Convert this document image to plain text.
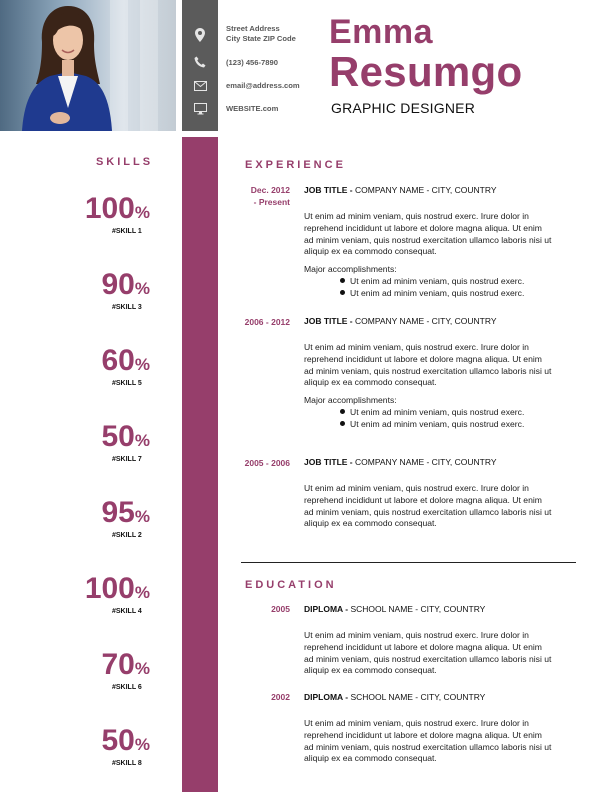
Street Address
City State ZIP Code
(123) 456-7890
email@address.com
WEBSITE.com
Emma
Resumgo
GRAPHIC DESIGNER
SKILLS
100%
#SKILL 1
90%
#SKILL 3
60%
#SKILL 5
50%
#SKILL 7
95%
#SKILL 2
100%
#SKILL 4
70%
#SKILL 6
50%
#SKILL 8
EXPERIENCE
Dec. 2012
- Present
JOB TITLE - COMPANY NAME - CITY, COUNTRY
Ut enim ad minim veniam, quis nostrud exerc. Irure dolor in
reprehend incididunt ut labore et dolore magna aliqua. Ut enim
ad minim veniam, quis nostrud exercitation ullamco laboris nisi ut
aliquip ex ea commodo consequat.
Major accomplishments:
Ut enim ad minim veniam, quis nostrud exerc.
Ut enim ad minim veniam, quis nostrud exerc.
2006 - 2012 JOB TITLE - COMPANY NAME - CITY, COUNTRY
Ut enim ad minim veniam, quis nostrud exerc. Irure dolor in
reprehend incididunt ut labore et dolore magna aliqua. Ut enim
ad minim veniam, quis nostrud exercitation ullamco laboris nisi ut
aliquip ex ea commodo consequat.
Major accomplishments:
Ut enim ad minim veniam, quis nostrud exerc.
Ut enim ad minim veniam, quis nostrud exerc.
2005 - 2006 JOB TITLE - COMPANY NAME - CITY, COUNTRY
Ut enim ad minim veniam, quis nostrud exerc. Irure dolor in
reprehend incididunt ut labore et dolore magna aliqua. Ut enim
ad minim veniam, quis nostrud exercitation ullamco laboris nisi ut
aliquip ex ea commodo consequat.
EDUCATION
2005 DIPLOMA - SCHOOL NAME - CITY, COUNTRY
Ut enim ad minim veniam, quis nostrud exerc. Irure dolor in
reprehend incididunt ut labore et dolore magna aliqua. Ut enim
ad minim veniam, quis nostrud exercitation ullamco laboris nisi ut
aliquip ex ea commodo consequat.
2002 DIPLOMA - SCHOOL NAME - CITY, COUNTRY
Ut enim ad minim veniam, quis nostrud exerc. Irure dolor in
reprehend incididunt ut labore et dolore magna aliqua. Ut enim
ad minim veniam, quis nostrud exercitation ullamco laboris nisi ut
aliquip ex ea commodo consequat.
